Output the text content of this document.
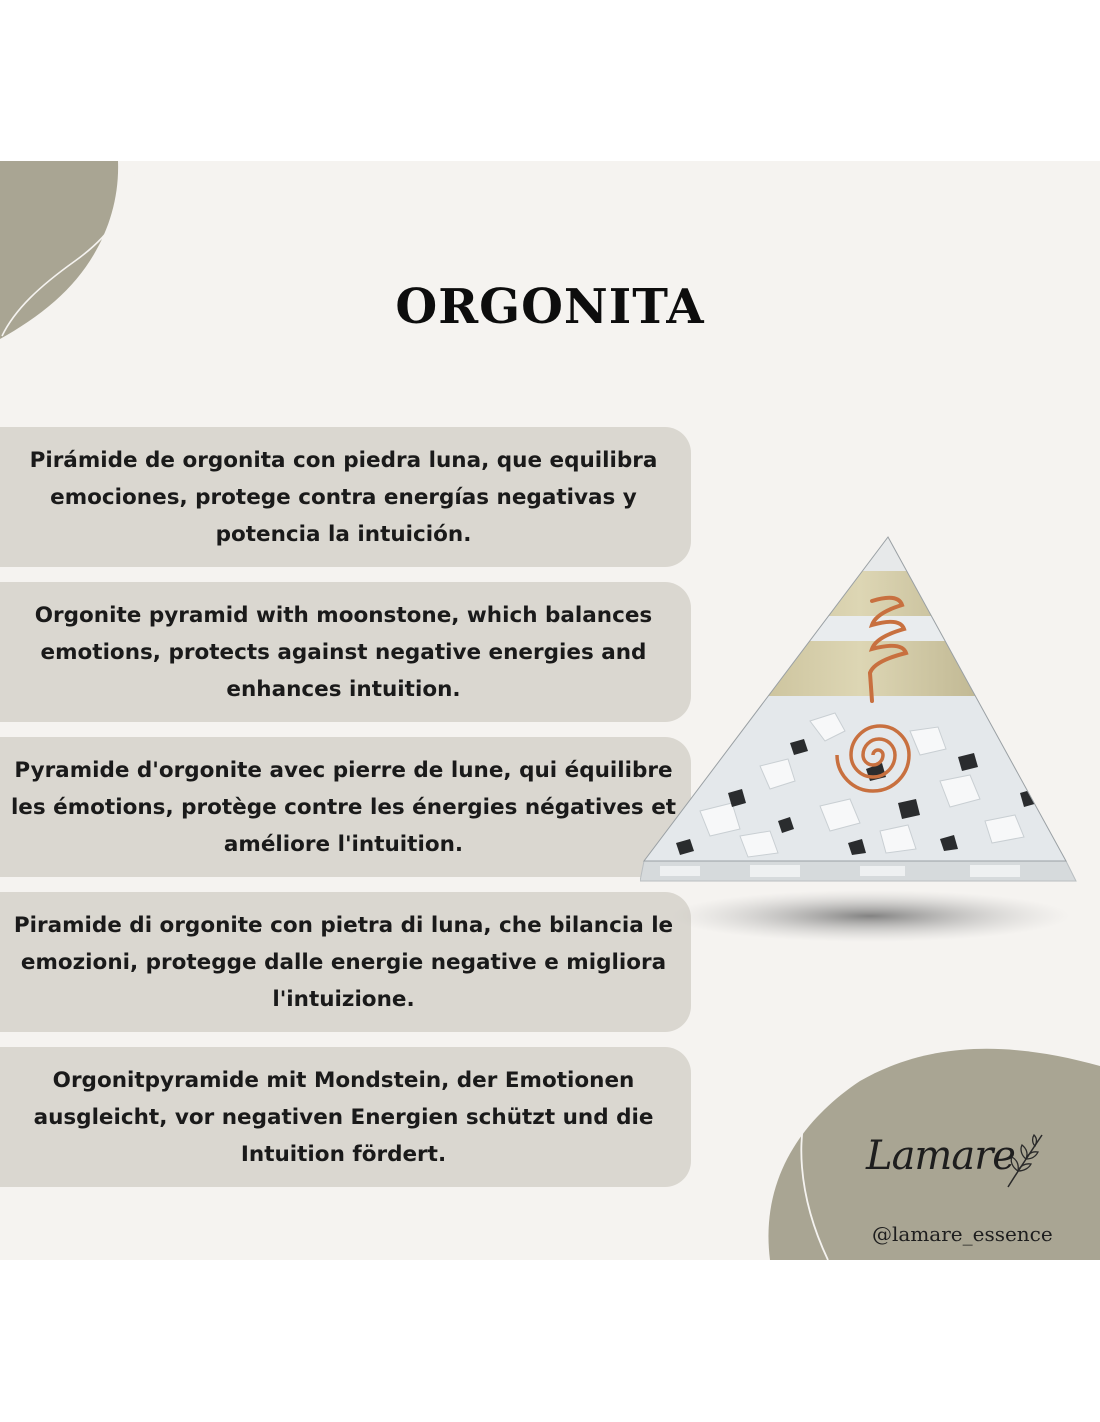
ORGONITA

Pirámide de orgonita con piedra luna, que equilibra emociones, protege contra energías negativas y potencia la intuición.

Orgonite pyramid with moonstone, which balances emotions, protects against negative energies and enhances intuition.

Pyramide d'orgonite avec pierre de lune, qui équilibre les émotions, protège contre les énergies négatives et améliore l'intuition.

Piramide di orgonite con pietra di luna, che bilancia le emozioni, protegge dalle energie negative e migliora l'intuizione.

Orgonitpyramide mit Mondstein, der Emotionen ausgleicht, vor negativen Energien schützt und die Intuition fördert.	Lamare
@lamare_essence
